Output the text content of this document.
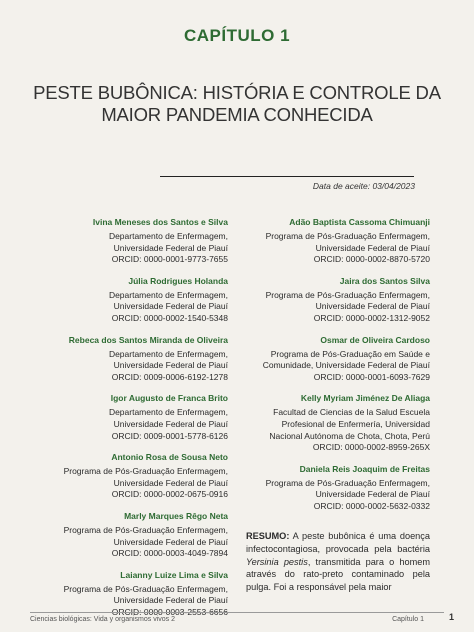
CAPÍTULO 1
PESTE BUBÔNICA: HISTÓRIA E CONTROLE DA
MAIOR PANDEMIA CONHECIDA
Data de aceite: 03/04/2023
Ivina Meneses dos Santos e Silva
Departamento de Enfermagem,
Universidade Federal de Piauí
ORCID: 0000-0001-9773-7655
Júlia Rodrigues Holanda
Departamento de Enfermagem,
Universidade Federal de Piauí
ORCID: 0000-0002-1540-5348
Rebeca dos Santos Miranda de Oliveira
Departamento de Enfermagem,
Universidade Federal de Piauí
ORCID: 0009-0006-6192-1278
Igor Augusto de Franca Brito
Departamento de Enfermagem,
Universidade Federal de Piauí
ORCID: 0009-0001-5778-6126
Antonio Rosa de Sousa Neto
Programa de Pós-Graduação Enfermagem,
Universidade Federal de Piauí
ORCID: 0000-0002-0675-0916
Marly Marques Rêgo Neta
Programa de Pós-Graduação Enfermagem,
Universidade Federal de Piauí
ORCID: 0000-0003-4049-7894
Laianny Luize Lima e Silva
Programa de Pós-Graduação Enfermagem,
Universidade Federal de Piauí
ORCID: 0000-0003-2553-6656
Adão Baptista Cassoma Chimuanji
Programa de Pós-Graduação Enfermagem,
Universidade Federal de Piauí
ORCID: 0000-0002-8870-5720
Jaira dos Santos Silva
Programa de Pós-Graduação Enfermagem,
Universidade Federal de Piauí
ORCID: 0000-0002-1312-9052
Osmar de Oliveira Cardoso
Programa de Pós-Graduação em Saúde e
Comunidade, Universidade Federal de Piauí
ORCID: 0000-0001-6093-7629
Kelly Myriam Jiménez De Aliaga
Facultad de Ciencias de la Salud Escuela
Profesional de Enfermería, Universidad
Nacional Autónoma de Chota, Chota, Perú
ORCID: 0000-0002-8959-265X
Daniela Reis Joaquim de Freitas
Programa de Pós-Graduação Enfermagem,
Universidade Federal de Piauí
ORCID: 0000-0002-5632-0332
RESUMO: A peste bubônica é uma doença infectocontagiosa, provocada pela bactéria Yersinia pestis, transmitida para o homem através do rato-preto contaminado pela pulga. Foi a responsável pela maior
Ciencias biológicas: Vida y organismos vivos 2	Capítulo 1	1
